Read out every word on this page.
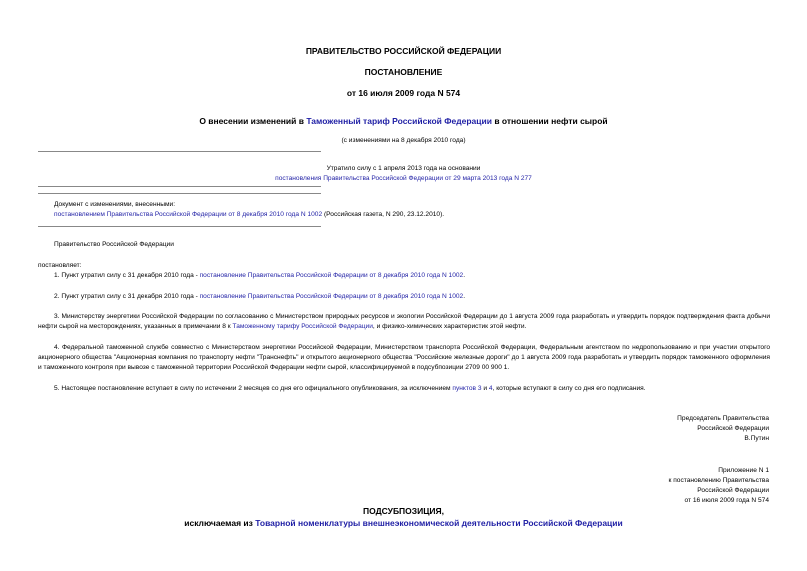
ПРАВИТЕЛЬСТВО РОССИЙСКОЙ ФЕДЕРАЦИИ
ПОСТАНОВЛЕНИЕ
от 16 июля 2009 года N 574
О внесении изменений в Таможенный тариф Российской Федерации в отношении нефти сырой
(с изменениями на 8 декабря 2010 года)
Утратило силу с 1 апреля 2013 года на основании
постановления Правительства Российской Федерации от 29 марта 2013 года N 277
Документ с изменениями, внесенными:
постановлением Правительства Российской Федерации от 8 декабря 2010 года N 1002 (Российская газета, N 290, 23.12.2010).
Правительство Российской Федерации
постановляет:
1. Пункт утратил силу с 31 декабря 2010 года - постановление Правительства Российской Федерации от 8 декабря 2010 года N 1002.
2. Пункт утратил силу с 31 декабря 2010 года - постановление Правительства Российской Федерации от 8 декабря 2010 года N 1002.
3. Министерству энергетики Российской Федерации по согласованию с Министерством природных ресурсов и экологии Российской Федерации до 1 августа 2009 года разработать и утвердить порядок подтверждения факта добычи нефти сырой на месторождениях, указанных в примечании 8 к Таможенному тарифу Российской Федерации, и физико-химических характеристик этой нефти.
4. Федеральной таможенной службе совместно с Министерством энергетики Российской Федерации, Министерством транспорта Российской Федерации, Федеральным агентством по недропользованию и при участии открытого акционерного общества "Акционерная компания по транспорту нефти "Транснефть" и открытого акционерного общества "Российские железные дороги" до 1 августа 2009 года разработать и утвердить порядок таможенного оформления и таможенного контроля при вывозе с таможенной территории Российской Федерации нефти сырой, классифицируемой в подсубпозиции 2709 00 900 1.
5. Настоящее постановление вступает в силу по истечении 2 месяцев со дня его официального опубликования, за исключением пунктов 3 и 4, которые вступают в силу со дня его подписания.
Председатель Правительства
Российской Федерации
В.Путин
Приложение N 1
к постановлению Правительства
Российской Федерации
от 16 июля 2009 года N 574
ПОДСУБПОЗИЦИЯ,
исключаемая из Товарной номенклатуры внешнеэкономической деятельности Российской Федерации
